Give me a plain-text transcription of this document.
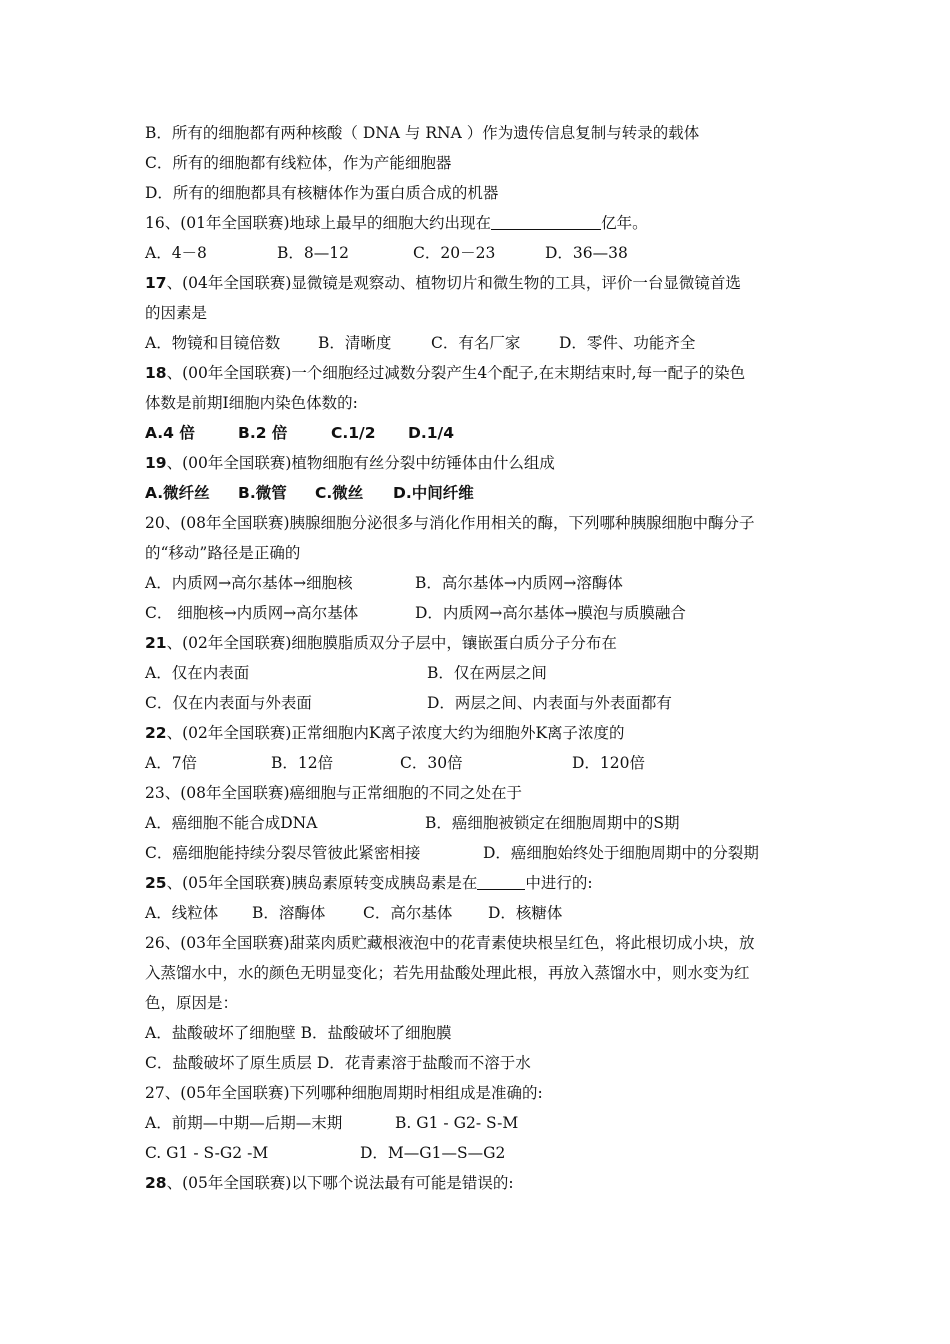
B．所有的细胞都有两种核酸（ DNA 与 RNA ）作为遗传信息复制与转录的载体
C．所有的细胞都有线粒体，作为产能细胞器
D．所有的细胞都具有核糖体作为蛋白质合成的机器
16、(01年全国联赛)地球上最早的细胞大约出现在	亿年。
A．4－8	B．8—12	C．20－23	D．36—38
17、(04年全国联赛)显微镜是观察动、植物切片和微生物的工具，评价一台显微镜首选
的因素是
A．物镜和目镜倍数 B．清晰度	C．有名厂家 D．零件、功能齐全
18、(00年全国联赛)一个细胞经过减数分裂产生4个配子,在末期结束时,每一配子的染色
体数是前期Ⅰ细胞内染色体数的:
A.4 倍	B.2 倍	C.1/2 D.1/4
19、(00年全国联赛)植物细胞有丝分裂中纺锤体由什么组成
A.微纤丝 B.微管 C.微丝 D.中间纤维
20、(08年全国联赛)胰腺细胞分泌很多与消化作用相关的酶，下列哪种胰腺细胞中酶分子
的“移动”路径是正确的
A．内质网→高尔基体→细胞核	B．高尔基体→内质网→溶酶体
C． 细胞核→内质网→高尔基体	D．内质网→高尔基体→膜泡与质膜融合
21、(02年全国联赛)细胞膜脂质双分子层中，镶嵌蛋白质分子分布在
A．仅在内表面	B．仅在两层之间
C．仅在内表面与外表面	D．两层之间、内表面与外表面都有
22、(02年全国联赛)正常细胞内K离子浓度大约为细胞外K离子浓度的
A．7倍	B．12倍	C．30倍	D．120倍
23、(08年全国联赛)癌细胞与正常细胞的不同之处在于
A．癌细胞不能合成DNA	B．癌细胞被锁定在细胞周期中的S期
C．癌细胞能持续分裂尽管彼此紧密相接	D．癌细胞始终处于细胞周期中的分裂期
25、(05年全国联赛)胰岛素原转变成胰岛素是在	中进行的:
A．线粒体 B．溶酶体 C．高尔基体 D．核糖体
26、(03年全国联赛)甜菜肉质贮藏根液泡中的花青素使块根呈红色，将此根切成小块，放
入蒸馏水中，水的颜色无明显变化；若先用盐酸处理此根，再放入蒸馏水中，则水变为红
色，原因是：
A．盐酸破坏了细胞壁 B．盐酸破坏了细胞膜
C．盐酸破坏了原生质层 D．花青素溶于盐酸而不溶于水
27、(05年全国联赛)下列哪种细胞周期时相组成是准确的:
A．前期—中期—后期—末期	B. G1 - G2- S-M
C. G1 - S-G2 -M	D．M—G1—S—G2
28、(05年全国联赛)以下哪个说法最有可能是错误的:
